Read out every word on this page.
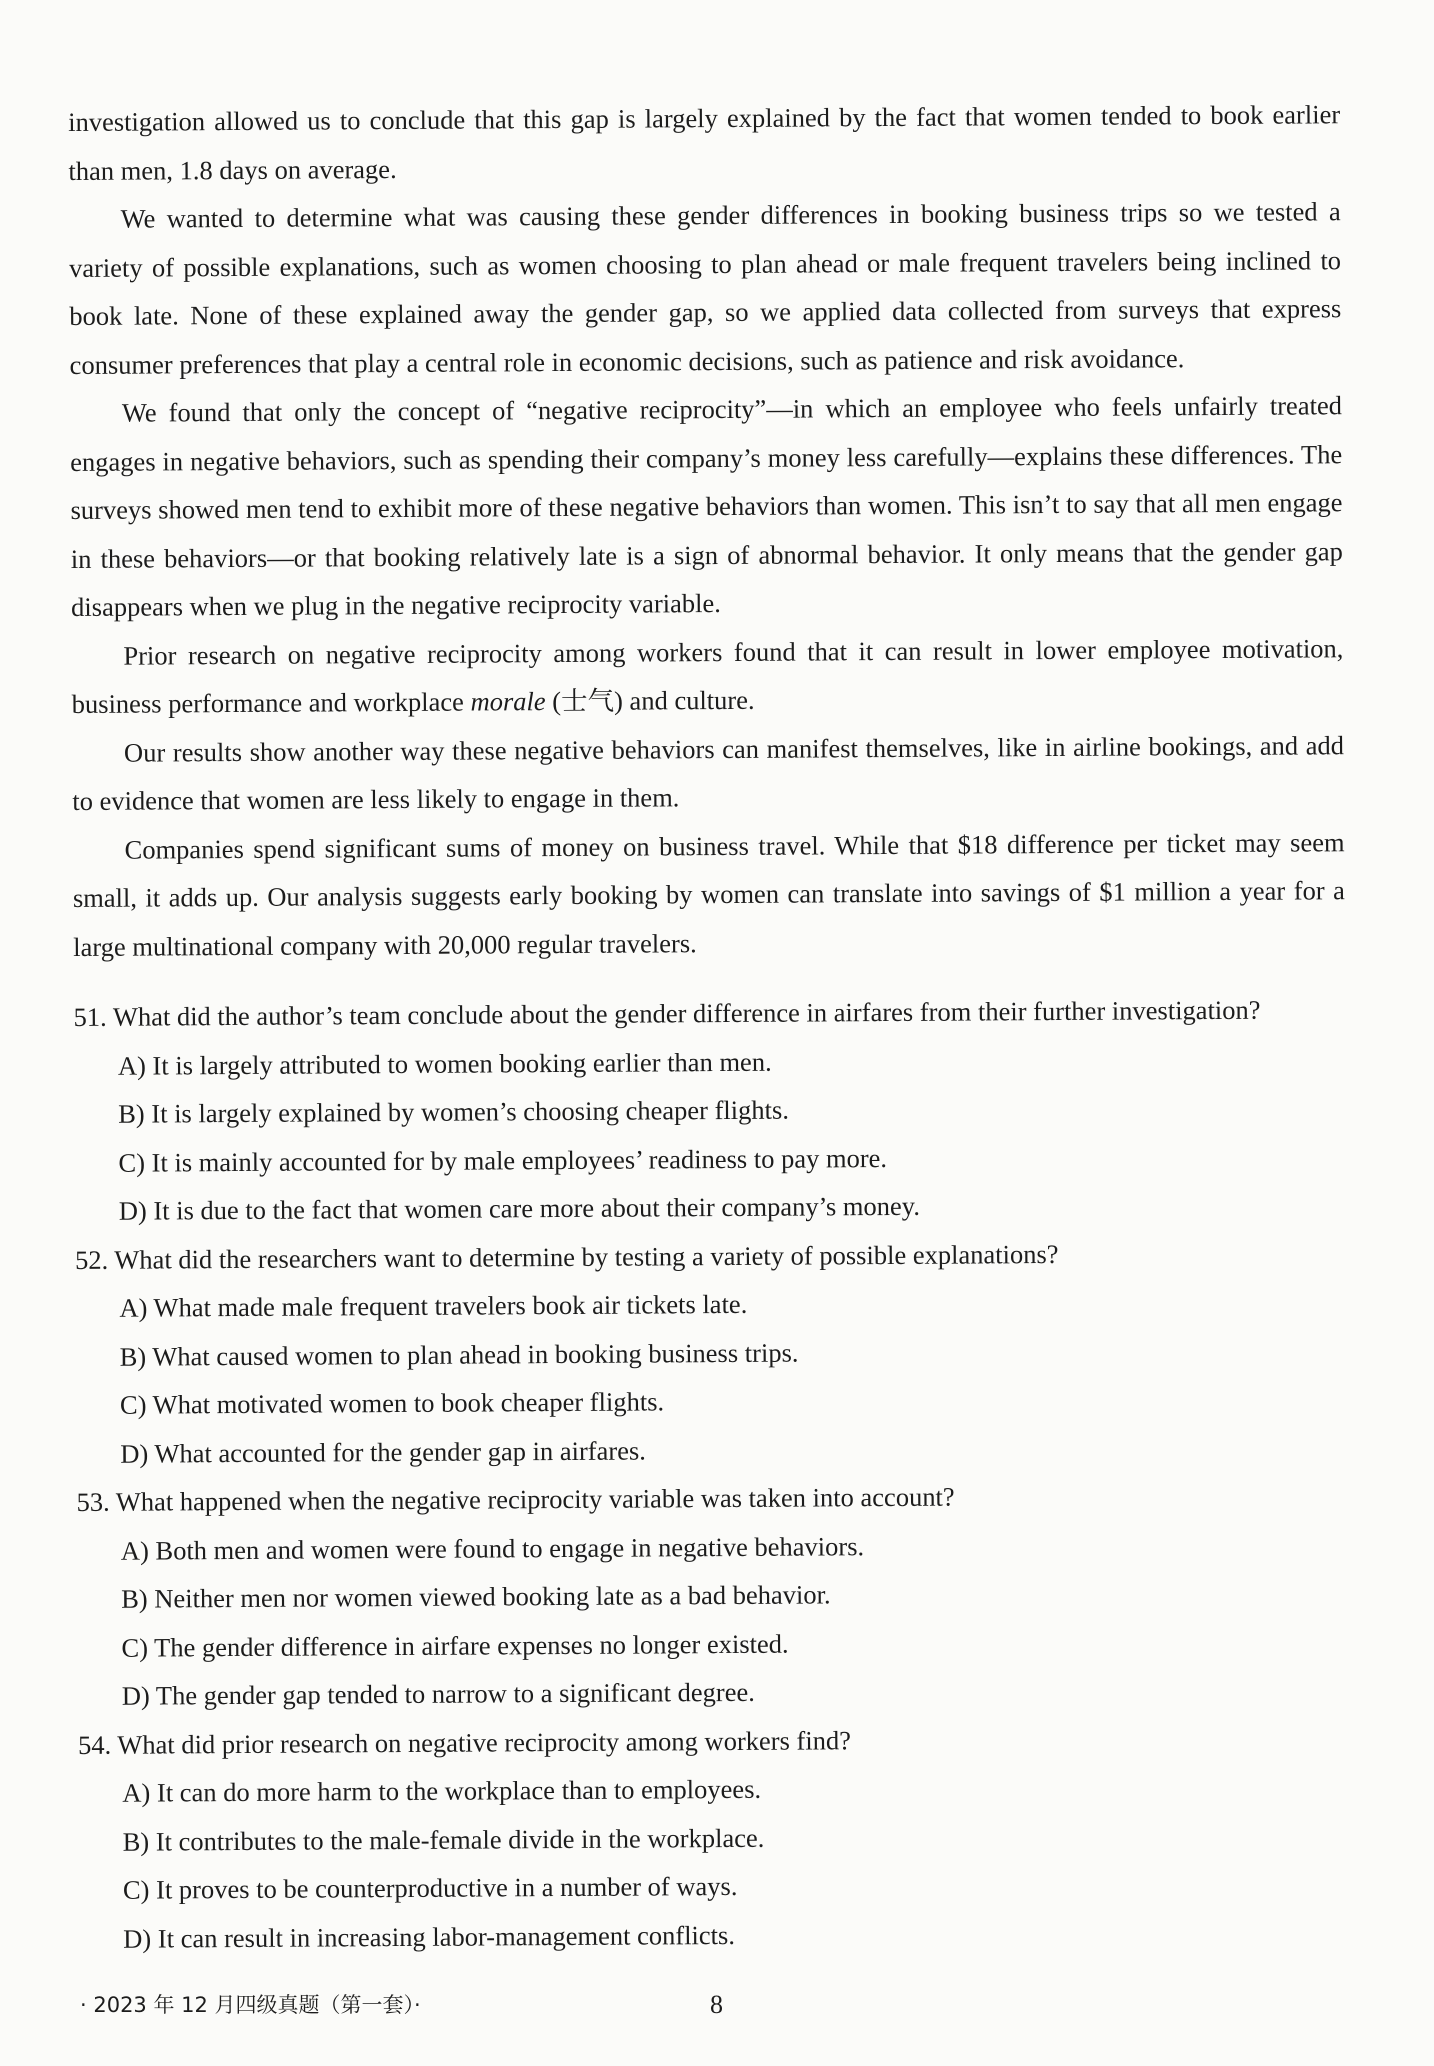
investigation allowed us to conclude that this gap is largely explained by the fact that women tended to book earlier than men, 1.8 days on average.

We wanted to determine what was causing these gender differences in booking business trips so we tested a variety of possible explanations, such as women choosing to plan ahead or male frequent travelers being inclined to book late. None of these explained away the gender gap, so we applied data collected from surveys that express consumer preferences that play a central role in economic decisions, such as patience and risk avoidance.

We found that only the concept of “negative reciprocity”—in which an employee who feels unfairly treated engages in negative behaviors, such as spending their company’s money less carefully—explains these differences. The surveys showed men tend to exhibit more of these negative behaviors than women. This isn’t to say that all men engage in these behaviors—or that booking relatively late is a sign of abnormal behavior. It only means that the gender gap disappears when we plug in the negative reciprocity variable.

Prior research on negative reciprocity among workers found that it can result in lower employee motivation, business performance and workplace morale (士气) and culture.

Our results show another way these negative behaviors can manifest themselves, like in airline bookings, and add to evidence that women are less likely to engage in them.

Companies spend significant sums of money on business travel. While that $18 difference per ticket may seem small, it adds up. Our analysis suggests early booking by women can translate into savings of $1 million a year for a large multinational company with 20,000 regular travelers.

51. What did the author’s team conclude about the gender difference in airfares from their further investigation?

A) It is largely attributed to women booking earlier than men.

B) It is largely explained by women’s choosing cheaper flights.

C) It is mainly accounted for by male employees’ readiness to pay more.

D) It is due to the fact that women care more about their company’s money.

52. What did the researchers want to determine by testing a variety of possible explanations?

A) What made male frequent travelers book air tickets late.

B) What caused women to plan ahead in booking business trips.

C) What motivated women to book cheaper flights.

D) What accounted for the gender gap in airfares.

53. What happened when the negative reciprocity variable was taken into account?

A) Both men and women were found to engage in negative behaviors.

B) Neither men nor women viewed booking late as a bad behavior.

C) The gender difference in airfare expenses no longer existed.

D) The gender gap tended to narrow to a significant degree.

54. What did prior research on negative reciprocity among workers find?

A) It can do more harm to the workplace than to employees.

B) It contributes to the male-female divide in the workplace.

C) It proves to be counterproductive in a number of ways.

D) It can result in increasing labor-management conflicts.

· 2023 年 12 月四级真题（第一套）·	8
